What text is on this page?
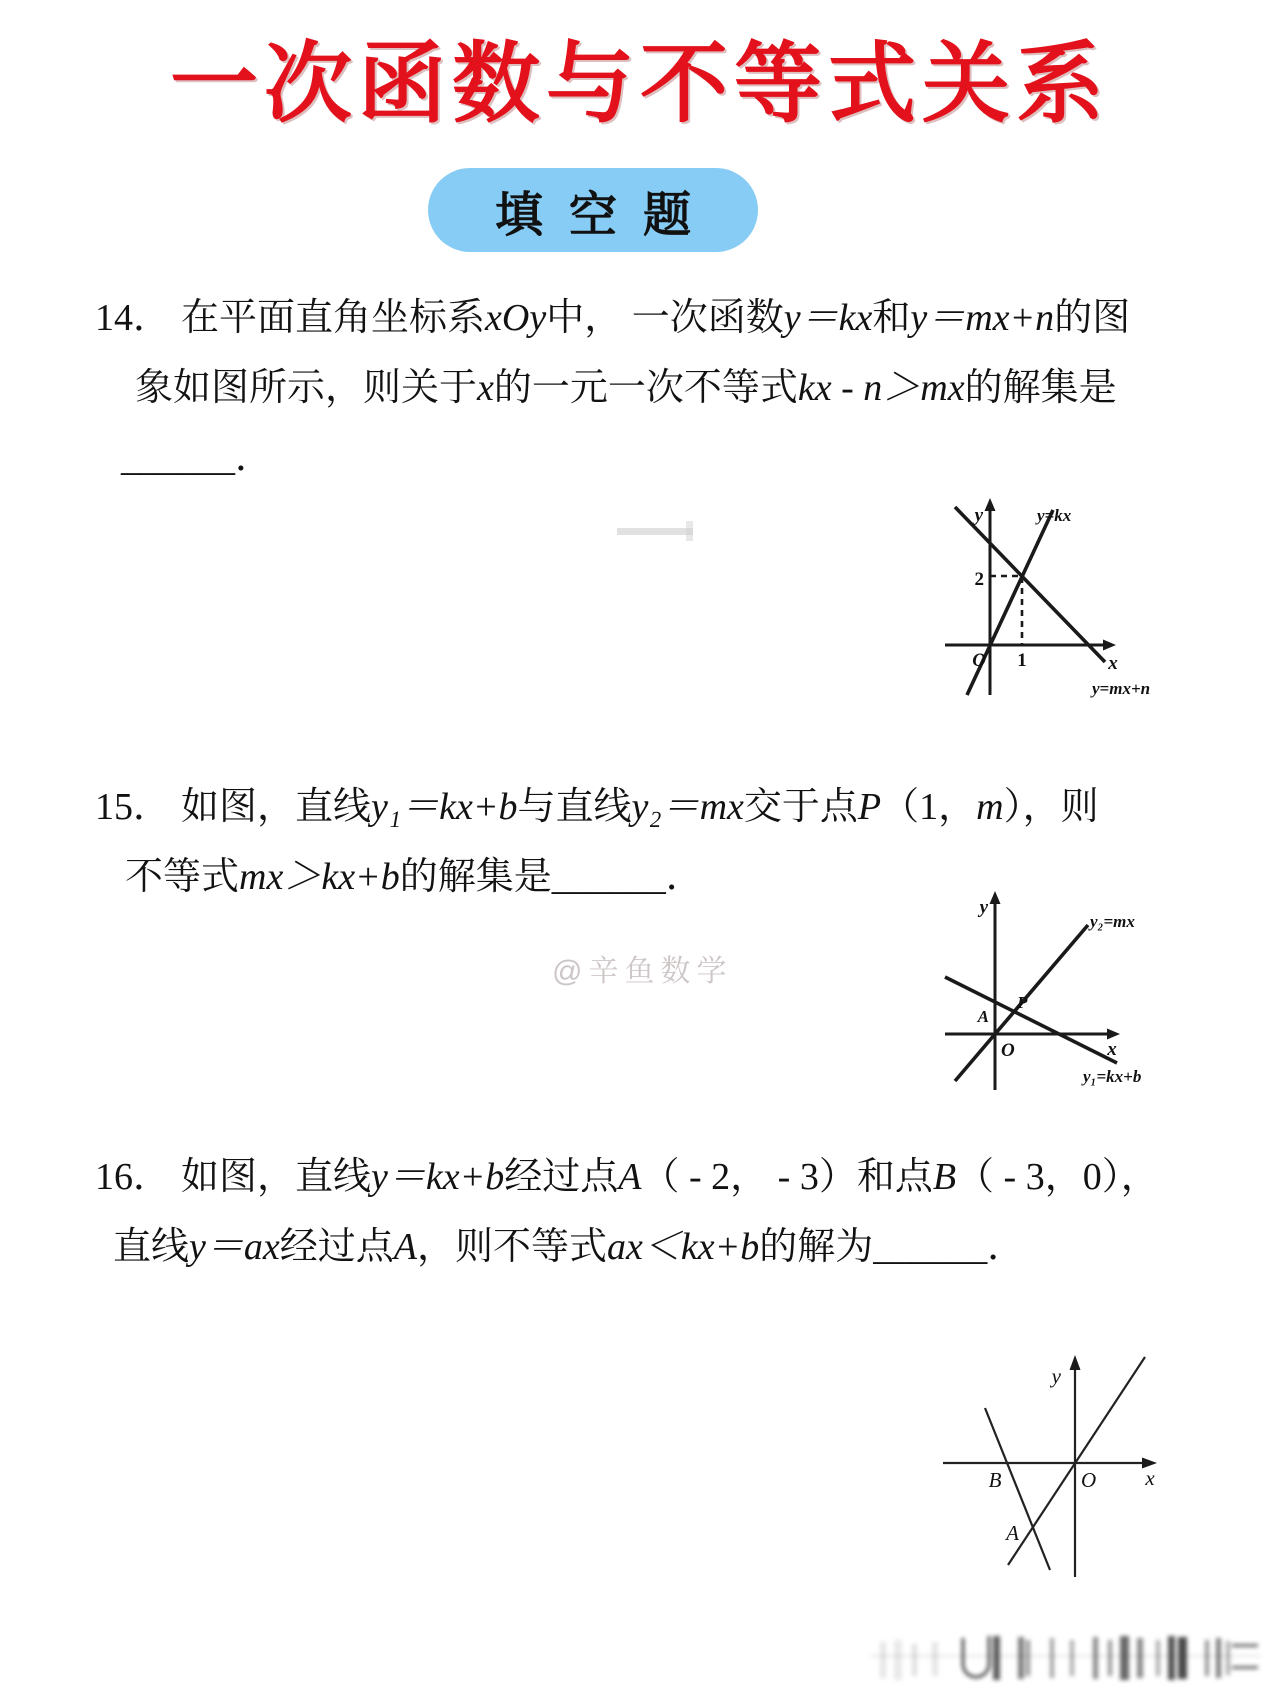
一次函数与不等式关系
填空题
14． 在平面直角坐标系xOy中， 一次函数y＝kx和y＝mx+n的图
象如图所示，则关于x的一元一次不等式kx - n＞mx的解集是
______．
y	y=kx
2
1
O	x
y=mx+n
15． 如图，直线y₁＝kx+b与直线y₂＝mx交于点P（1，m），则
不等式mx＞kx+b的解集是______．
y
y₂=mx
A
P
O	x
y₁=kx+b
@辛鱼数学
16． 如图，直线y＝kx+b经过点A（ - 2， - 3）和点B（ - 3，0），
直线y＝ax经过点A，则不等式ax＜kx+b的解为______．
y
x
B	O
A
